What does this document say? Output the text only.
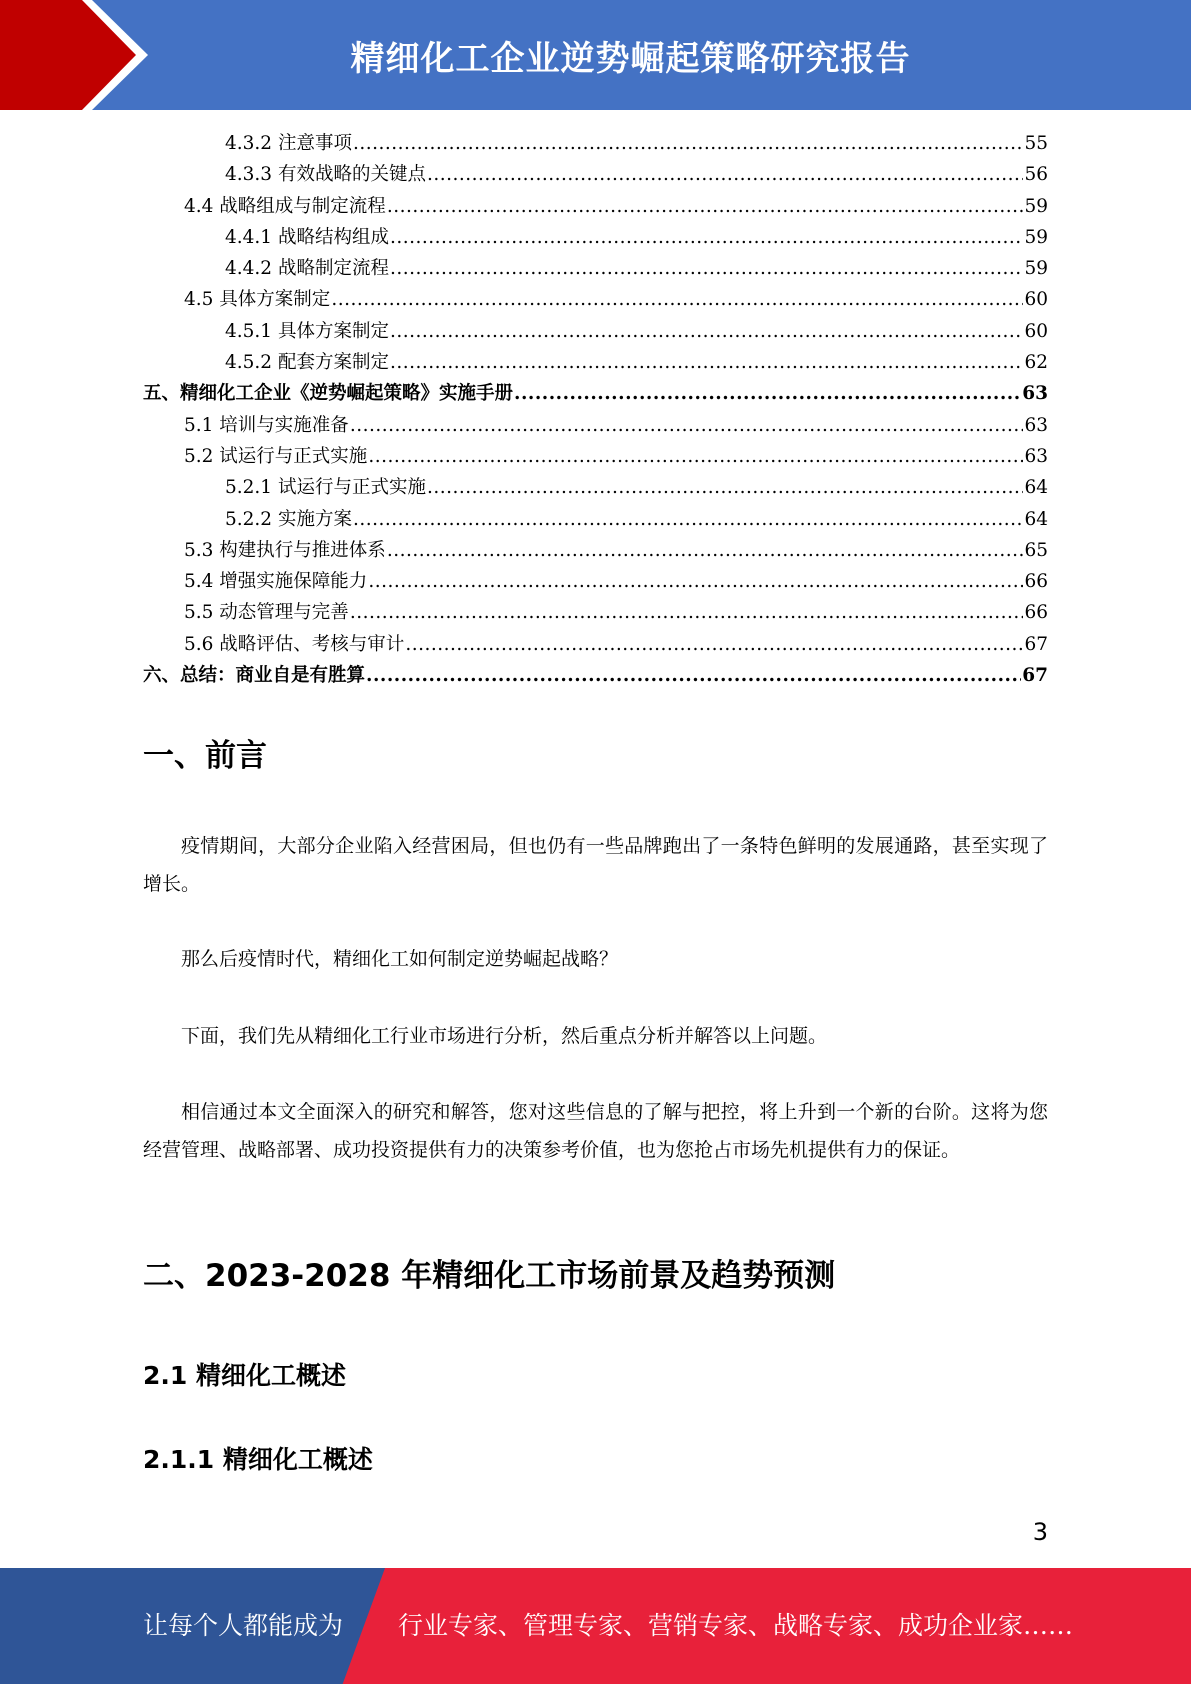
精细化工企业逆势崛起策略研究报告
4.3.2 注意事项 .....	55
4.3.3 有效战略的关键点 .....	56
4.4 战略组成与制定流程 .....	59
4.4.1 战略结构组成 .....	59
4.4.2 战略制定流程 .....	59
4.5 具体方案制定 .....	60
4.5.1 具体方案制定 .....	60
4.5.2 配套方案制定 .....	62
五、精细化工企业《逆势崛起策略》实施手册 .....	63
5.1 培训与实施准备 .....	63
5.2 试运行与正式实施 .....	63
5.2.1 试运行与正式实施 .....	64
5.2.2 实施方案 .....	64
5.3 构建执行与推进体系 .....	65
5.4 增强实施保障能力 .....	66
5.5 动态管理与完善 .....	66
5.6 战略评估、考核与审计 .....	67
六、总结：商业自是有胜算 .....	67
一、前言

疫情期间，大部分企业陷入经营困局，但也仍有一些品牌跑出了一条特色鲜明的发展通路，甚至实现了增长。

那么后疫情时代，精细化工如何制定逆势崛起战略？

下面，我们先从精细化工行业市场进行分析，然后重点分析并解答以上问题。

相信通过本文全面深入的研究和解答，您对这些信息的了解与把控，将上升到一个新的台阶。这将为您经营管理、战略部署、成功投资提供有力的决策参考价值，也为您抢占市场先机提供有力的保证。

二、2023-2028 年精细化工市场前景及趋势预测
2.1 精细化工概述
2.1.1 精细化工概述
3
让每个人都能成为 行业专家、管理专家、营销专家、战略专家、成功企业家……
